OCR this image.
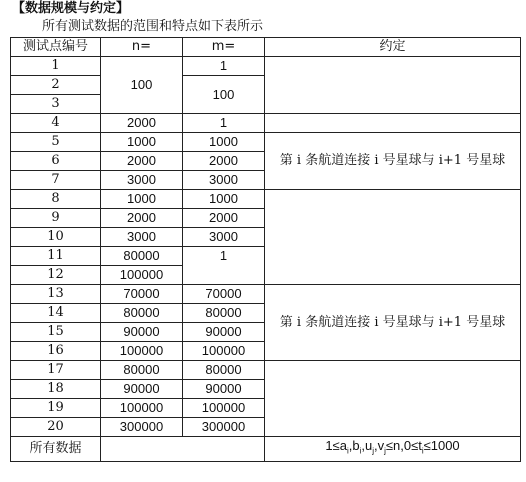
【数据规模与约定】
所有测试数据的范围和特点如下表所示
测试点编号	n=	m=	约定
1	100	1	
2		100	
3			
4	2000	1	
5	1000	1000	第 i 条航道连接 i 号星球与 i+1 号星球
6	2000	2000	
7	3000	3000	
8	1000	1000	
9	2000	2000	
10	3000	3000	
11	80000	1	
12	100000		
13	70000	70000	第 i 条航道连接 i 号星球与 i+1 号星球
14	80000	80000	
15	90000	90000	
16	100000	100000	
17	80000	80000	
18	90000	90000	
19	100000	100000	
20	300000	300000	
所有数据			$1\le a_i,b_i,u_j,v_j\le n,0\le t_i\le 1000$
